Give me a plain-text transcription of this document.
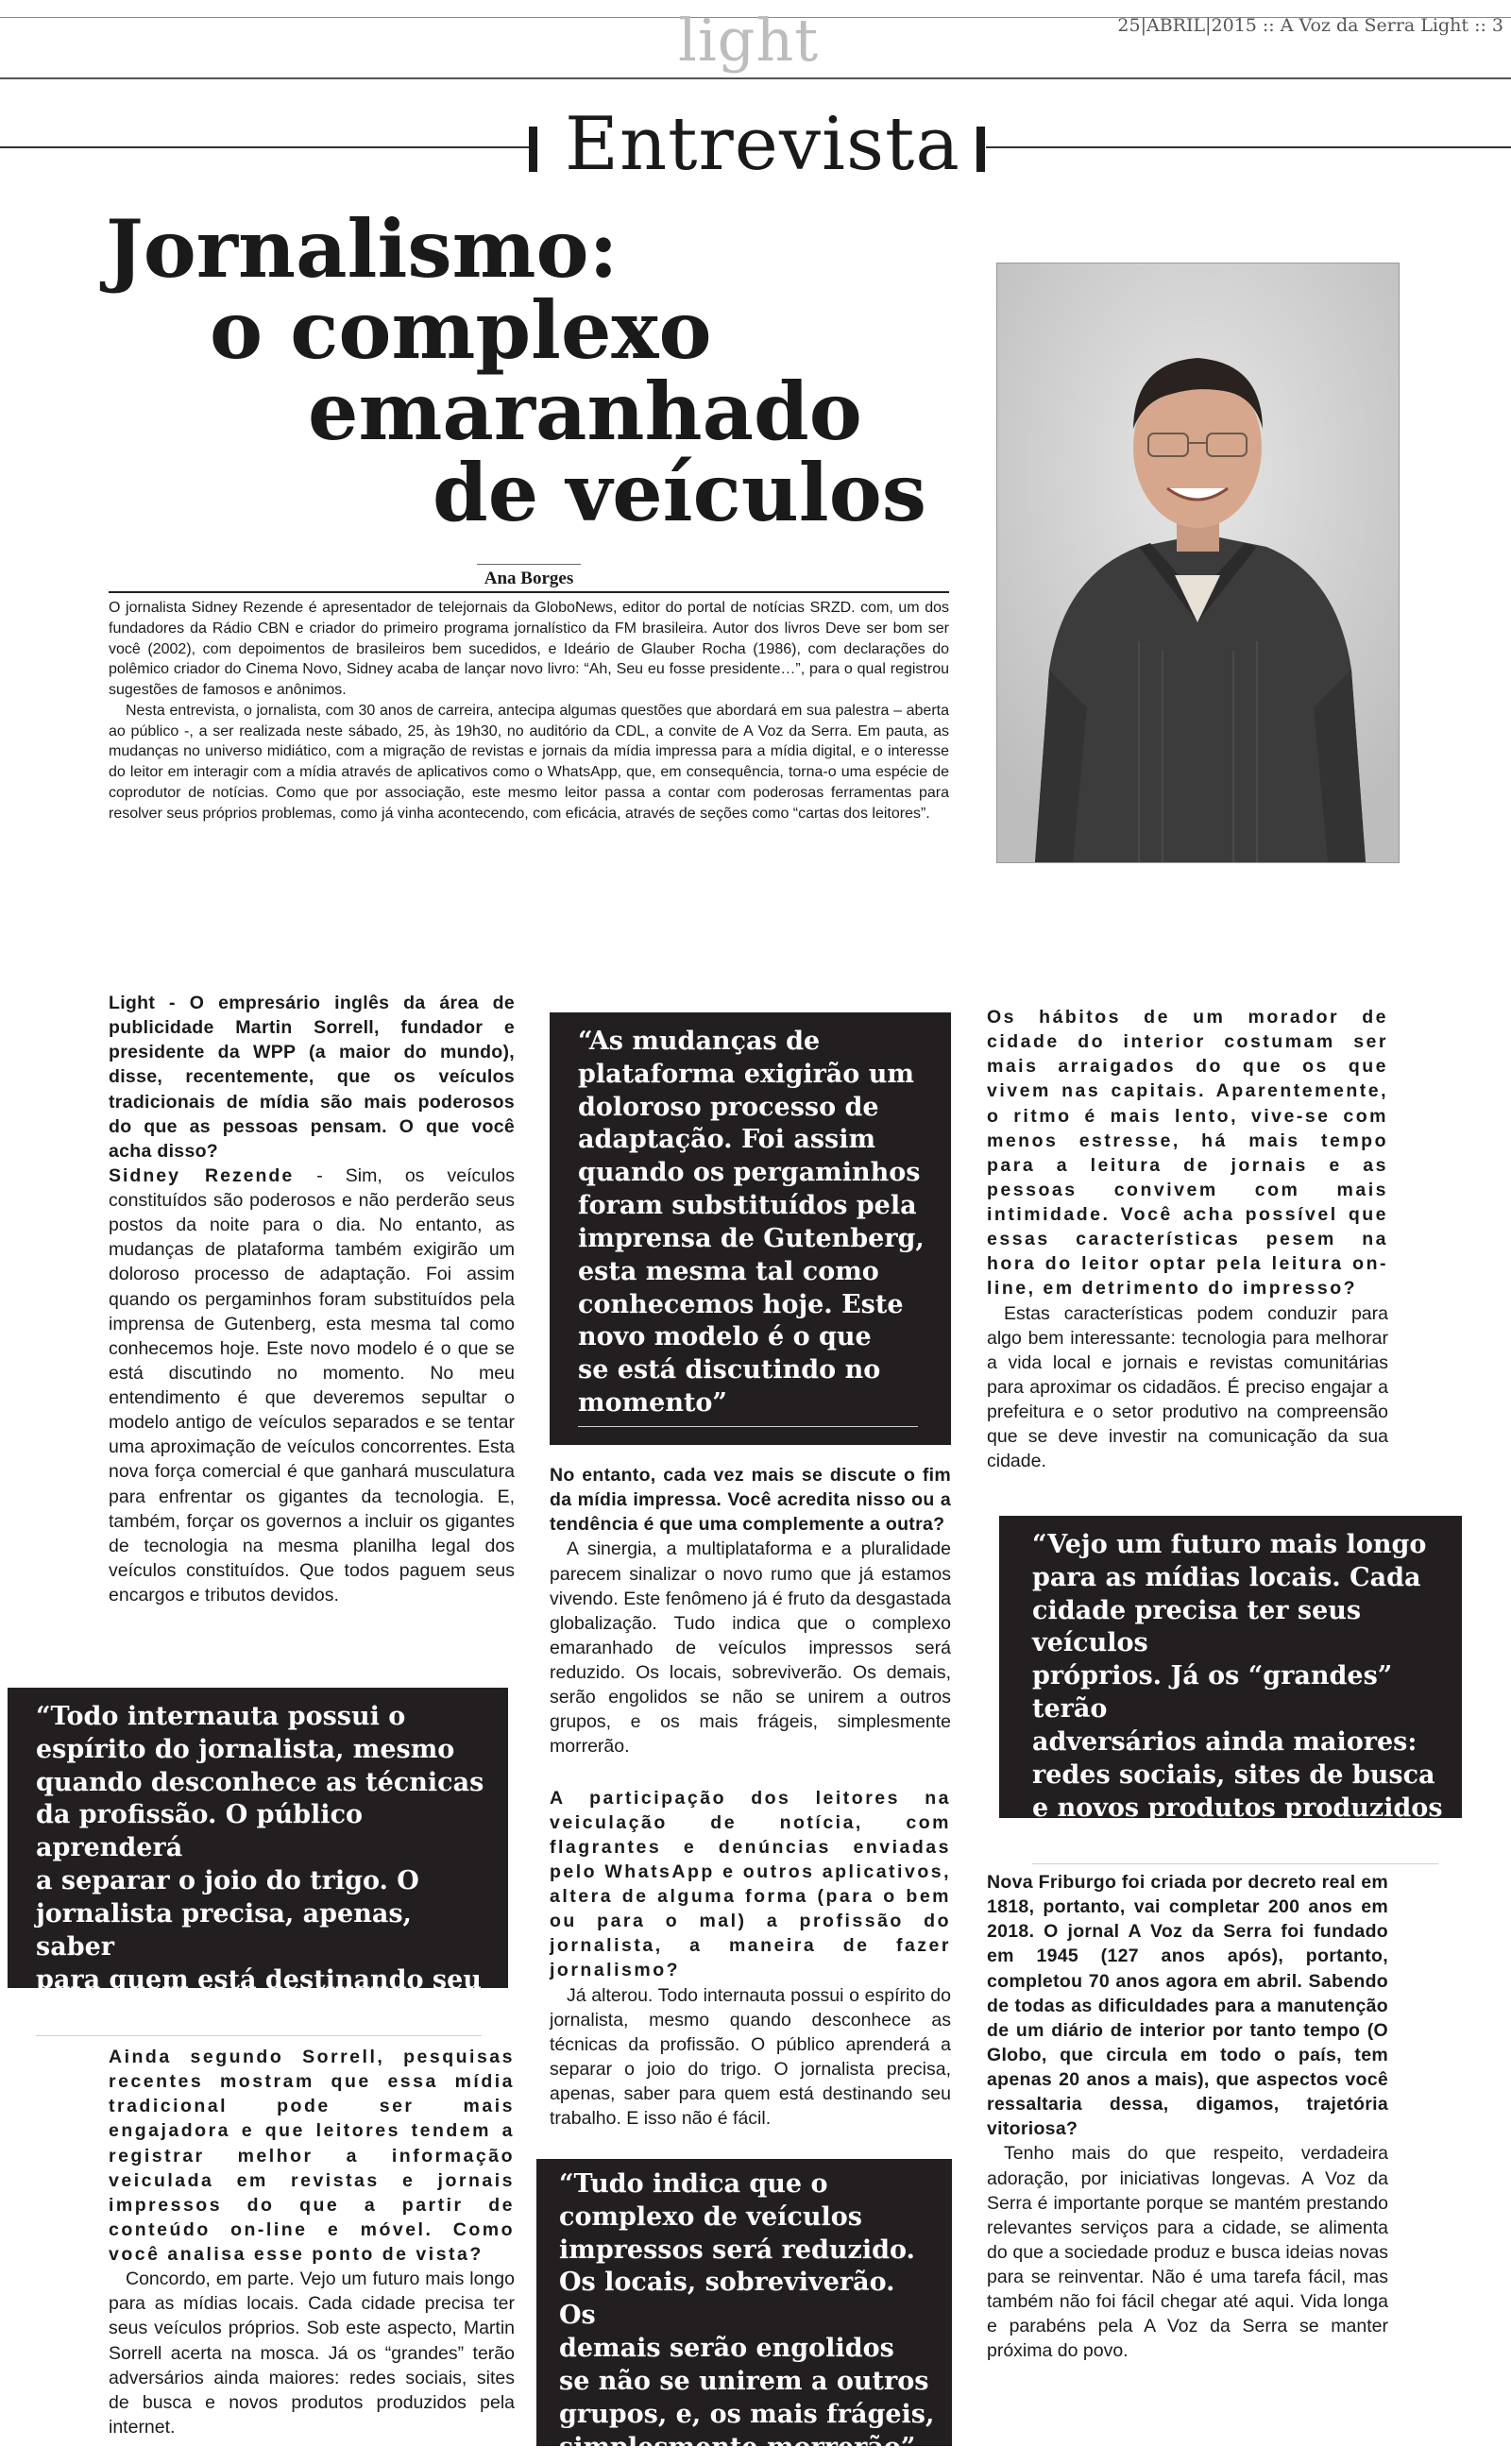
light	25|ABRIL|2015 :: A Voz da Serra Light :: 3
Entrevista
Jornalismo:
o complexo
emaranhado
de veículos
Ana Borges

O jornalista Sidney Rezende é apresentador de telejornais da GloboNews, editor do portal de notícias SRZD. com, um dos fundadores da Rádio CBN e criador do primeiro programa jornalístico da FM brasileira. Autor dos livros Deve ser bom ser você (2002), com depoimentos de brasileiros bem sucedidos, e Ideário de Glauber Rocha (1986), com declarações do polêmico criador do Cinema Novo, Sidney acaba de lançar novo livro: “Ah, Seu eu fosse presidente…”, para o qual registrou sugestões de famosos e anônimos.

Nesta entrevista, o jornalista, com 30 anos de carreira, antecipa algumas questões que abordará em sua palestra – aberta ao público -, a ser realizada neste sábado, 25, às 19h30, no auditório da CDL, a convite de A Voz da Serra. Em pauta, as mudanças no universo midiático, com a migração de revistas e jornais da mídia impressa para a mídia digital, e o interesse do leitor em interagir com a mídia através de aplicativos como o WhatsApp, que, em consequência, torna-o uma espécie de coprodutor de notícias. Como que por associação, este mesmo leitor passa a contar com poderosas ferramentas para resolver seus próprios problemas, como já vinha acontecendo, com eficácia, através de seções como “cartas dos leitores”.

Light - O empresário inglês da área de publicidade Martin Sorrell, fundador e presidente da WPP (a maior do mundo), disse, recentemente, que os veículos tradicionais de mídia são mais poderosos do que as pessoas pensam. O que você acha disso?

Sidney Rezende - Sim, os veículos constituídos são poderosos e não perderão seus postos da noite para o dia. No entanto, as mudanças de plataforma também exigirão um doloroso processo de adaptação. Foi assim quando os pergaminhos foram substituídos pela imprensa de Gutenberg, esta mesma tal como conhecemos hoje. Este novo modelo é o que se está discutindo no momento. No meu entendimento é que deveremos sepultar o modelo antigo de veículos separados e se tentar uma aproximação de veículos concorrentes. Esta nova força comercial é que ganhará musculatura para enfrentar os gigantes da tecnologia. E, também, forçar os governos a incluir os gigantes de tecnologia na mesma planilha legal dos veículos constituídos. Que todos paguem seus encargos e tributos devidos.

Ainda segundo Sorrell, pesquisas recentes mostram que essa mídia tradicional pode ser mais engajadora e que leitores tendem a registrar melhor a informação veiculada em revistas e jornais impressos do que a partir de conteúdo on-line e móvel. Como você analisa esse ponto de vista?

Concordo, em parte. Vejo um futuro mais longo para as mídias locais. Cada cidade precisa ter seus veículos próprios. Sob este aspecto, Martin Sorrell acerta na mosca. Já os “grandes” terão adversários ainda maiores: redes sociais, sites de busca e novos produtos produzidos pela internet.

“As mudanças de
plataforma exigirão um
doloroso processo de
adaptação. Foi assim
quando os pergaminhos
foram substituídos pela
imprensa de Gutenberg,
esta mesma tal como
conhecemos hoje. Este
novo modelo é o que
se está discutindo no
momento”

No entanto, cada vez mais se discute o fim da mídia impressa. Você acredita nisso ou a tendência é que uma complemente a outra?

A sinergia, a multiplataforma e a pluralidade parecem sinalizar o novo rumo que já estamos vivendo. Este fenômeno já é fruto da desgastada globalização. Tudo indica que o complexo emaranhado de veículos impressos será reduzido. Os locais, sobreviverão. Os demais, serão engolidos se não se unirem a outros grupos, e os mais frágeis, simplesmente morrerão.

A participação dos leitores na veiculação de notícia, com flagrantes e denúncias enviadas pelo WhatsApp e outros aplicativos, altera de alguma forma (para o bem ou para o mal) a profissão do jornalista, a maneira de fazer jornalismo?

Já alterou. Todo internauta possui o espírito do jornalista, mesmo quando desconhece as técnicas da profissão. O público aprenderá a separar o joio do trigo. O jornalista precisa, apenas, saber para quem está destinando seu trabalho. E isso não é fácil.

“Tudo indica que o
complexo de veículos
impressos será reduzido.
Os locais, sobreviverão. Os
demais serão engolidos
se não se unirem a outros
grupos, e, os mais frágeis,
simplesmente morrerão”

Os hábitos de um morador de cidade do interior costumam ser mais arraigados do que os que vivem nas capitais. Aparentemente, o ritmo é mais lento, vive-se com menos estresse, há mais tempo para a leitura de jornais e as pessoas convivem com mais intimidade. Você acha possível que essas características pesem na hora do leitor optar pela leitura on-line, em detrimento do impresso?

Estas características podem conduzir para algo bem interessante: tecnologia para melhorar a vida local e jornais e revistas comunitárias para aproximar os cidadãos. É preciso engajar a prefeitura e o setor produtivo na compreensão que se deve investir na comunicação da sua cidade.

“Vejo um futuro mais longo
para as mídias locais. Cada
cidade precisa ter seus veículos
próprios. Já os “grandes” terão
adversários ainda maiores:
redes sociais, sites de busca
e novos produtos produzidos
pela internet”

Nova Friburgo foi criada por decreto real em 1818, portanto, vai completar 200 anos em 2018. O jornal A Voz da Serra foi fundado em 1945 (127 anos após), portanto, completou 70 anos agora em abril. Sabendo de todas as dificuldades para a manutenção de um diário de interior por tanto tempo (O Globo, que circula em todo o país, tem apenas 20 anos a mais), que aspectos você ressaltaria dessa, digamos, trajetória vitoriosa?

Tenho mais do que respeito, verdadeira adoração, por iniciativas longevas. A Voz da Serra é importante porque se mantém prestando relevantes serviços para a cidade, se alimenta do que a sociedade produz e busca ideias novas para se reinventar. Não é uma tarefa fácil, mas também não foi fácil chegar até aqui. Vida longa e parabéns pela A Voz da Serra se manter próxima do povo.

“Todo internauta possui o
espírito do jornalista, mesmo
quando desconhece as técnicas
da profissão. O público aprenderá
a separar o joio do trigo. O
jornalista precisa, apenas, saber
para quem está destinando seu
trabalho. E isso não é fácil”
